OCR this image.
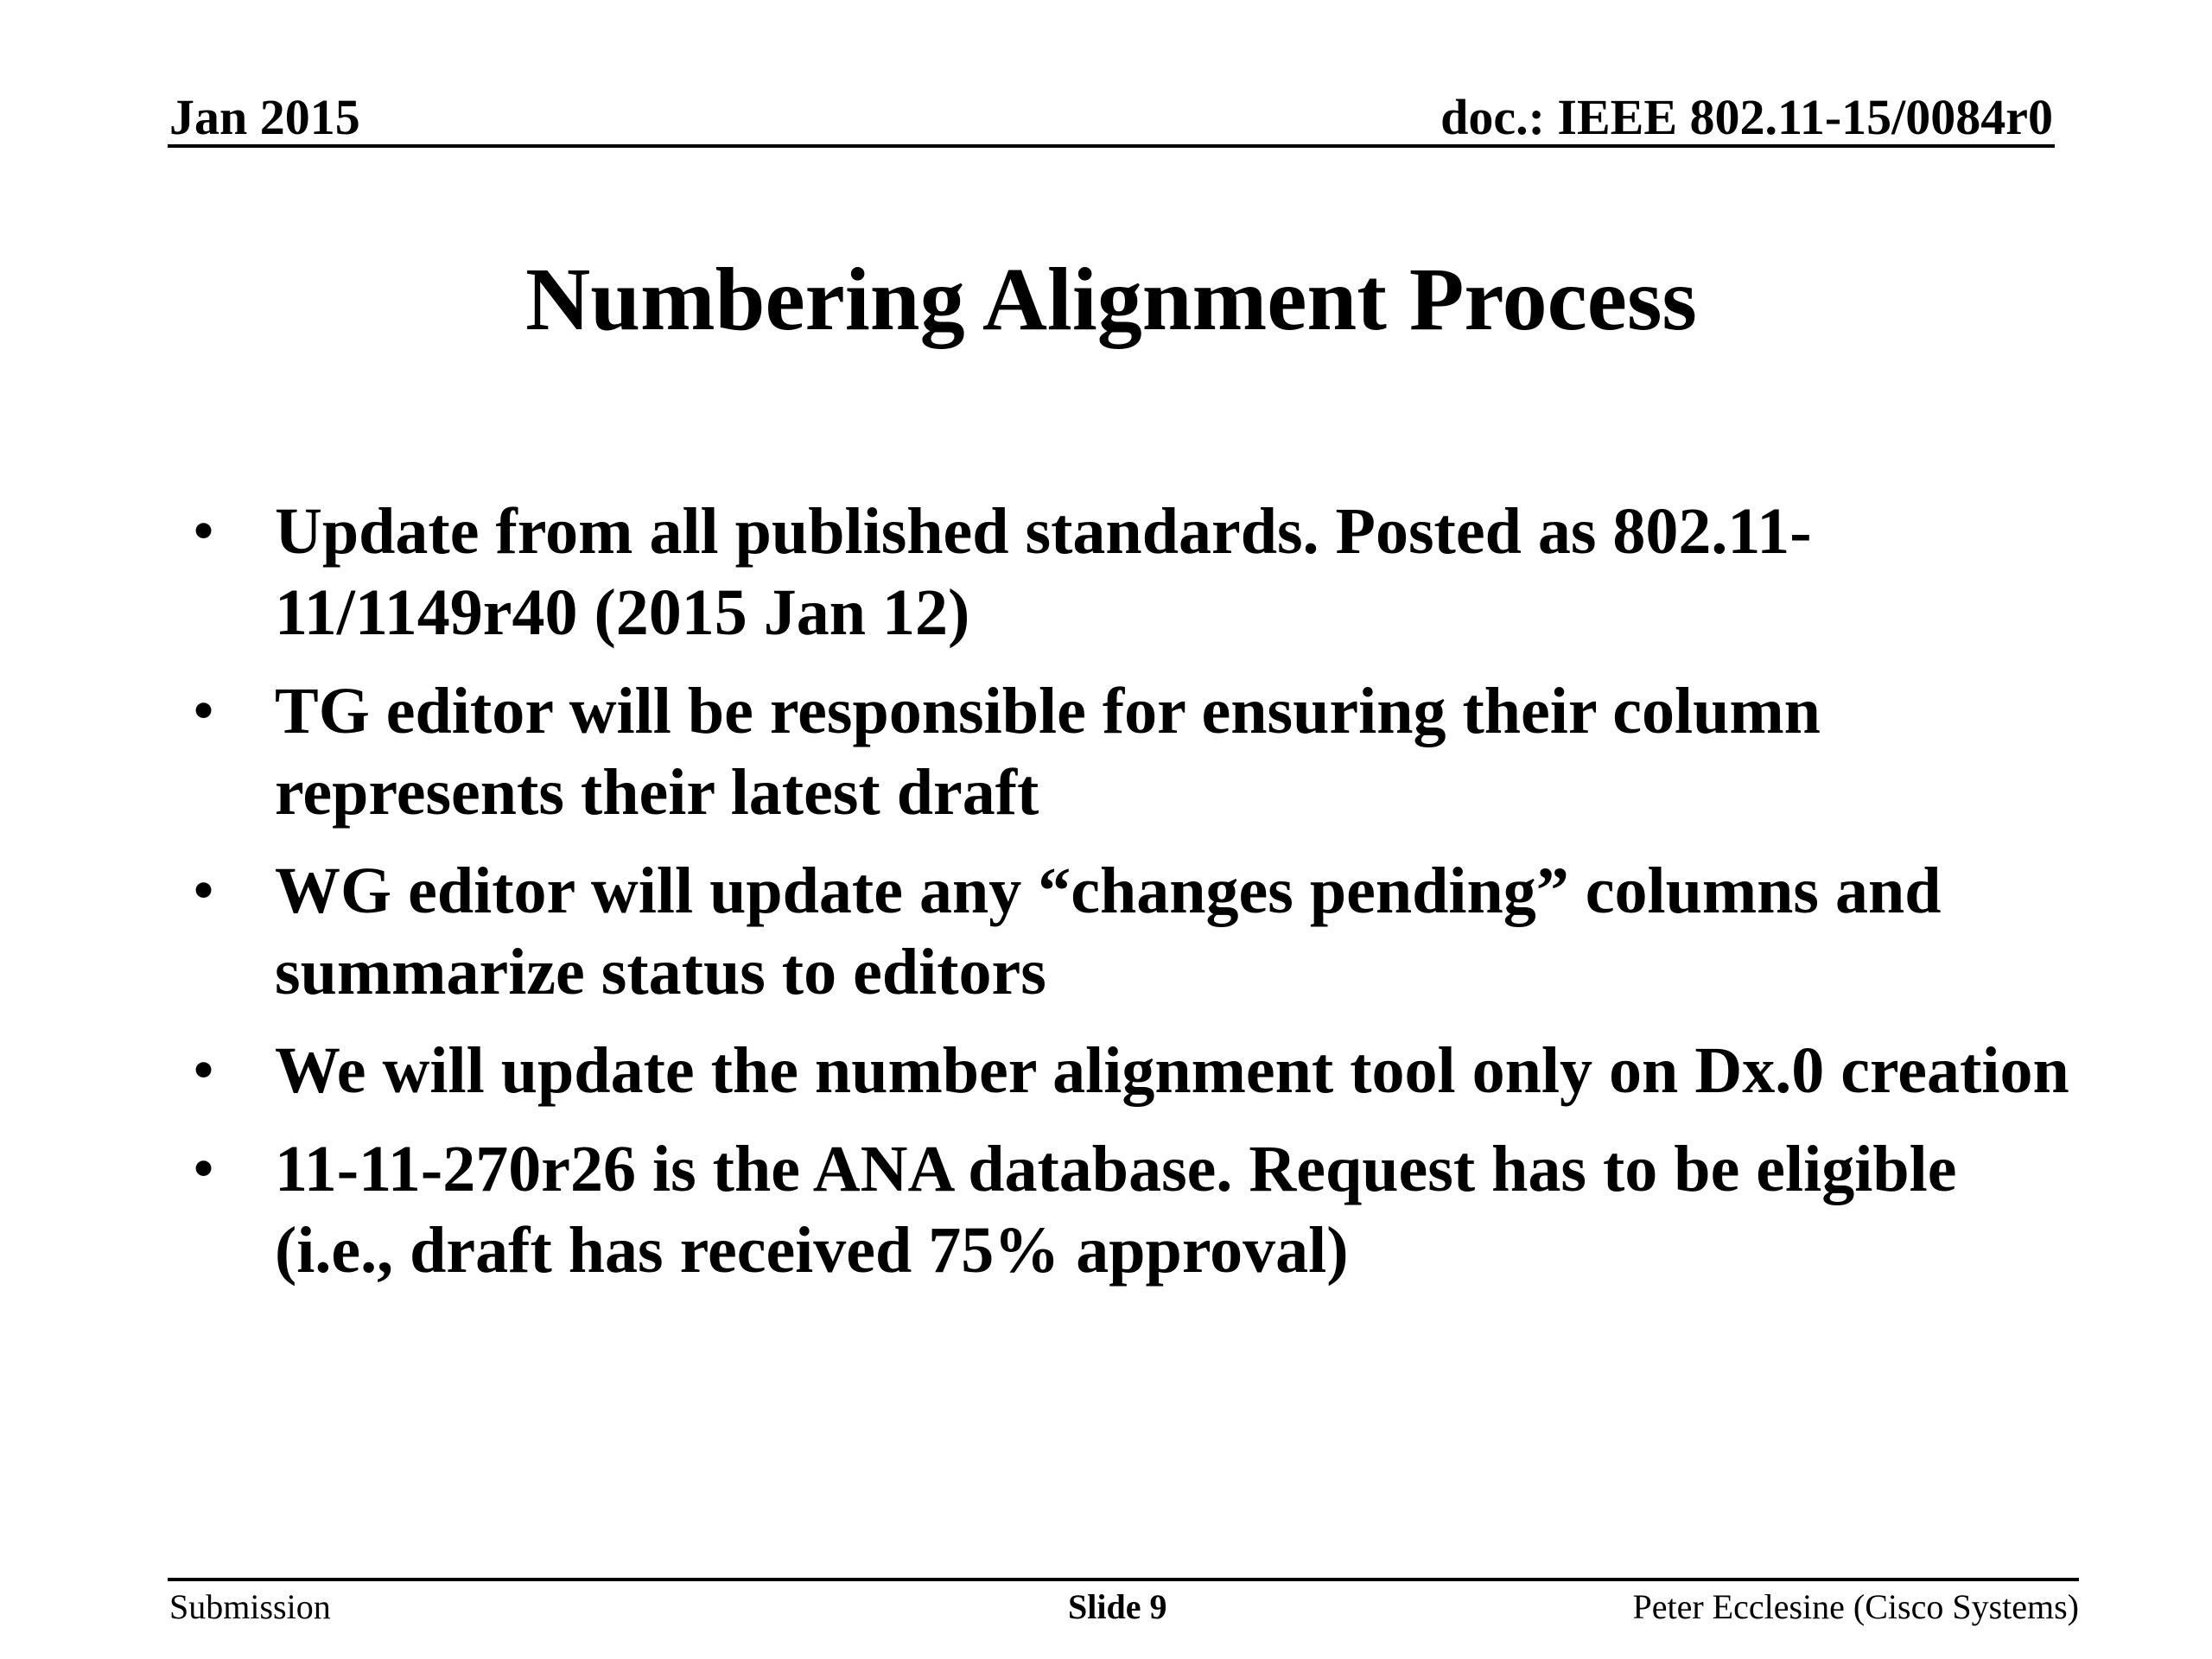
Jan 2015	doc.: IEEE 802.11-15/0084r0
Numbering Alignment Process
• Update from all published standards. Posted as 802.11-11/1149r40 (2015 Jan 12)
• TG editor will be responsible for ensuring their column represents their latest draft
• WG editor will update any “changes pending” columns and summarize status to editors
• We will update the number alignment tool only on Dx.0 creation
• 11-11-270r26 is the ANA database. Request has to be eligible (i.e., draft has received 75% approval)
Submission	Slide 9	Peter Ecclesine (Cisco Systems)
